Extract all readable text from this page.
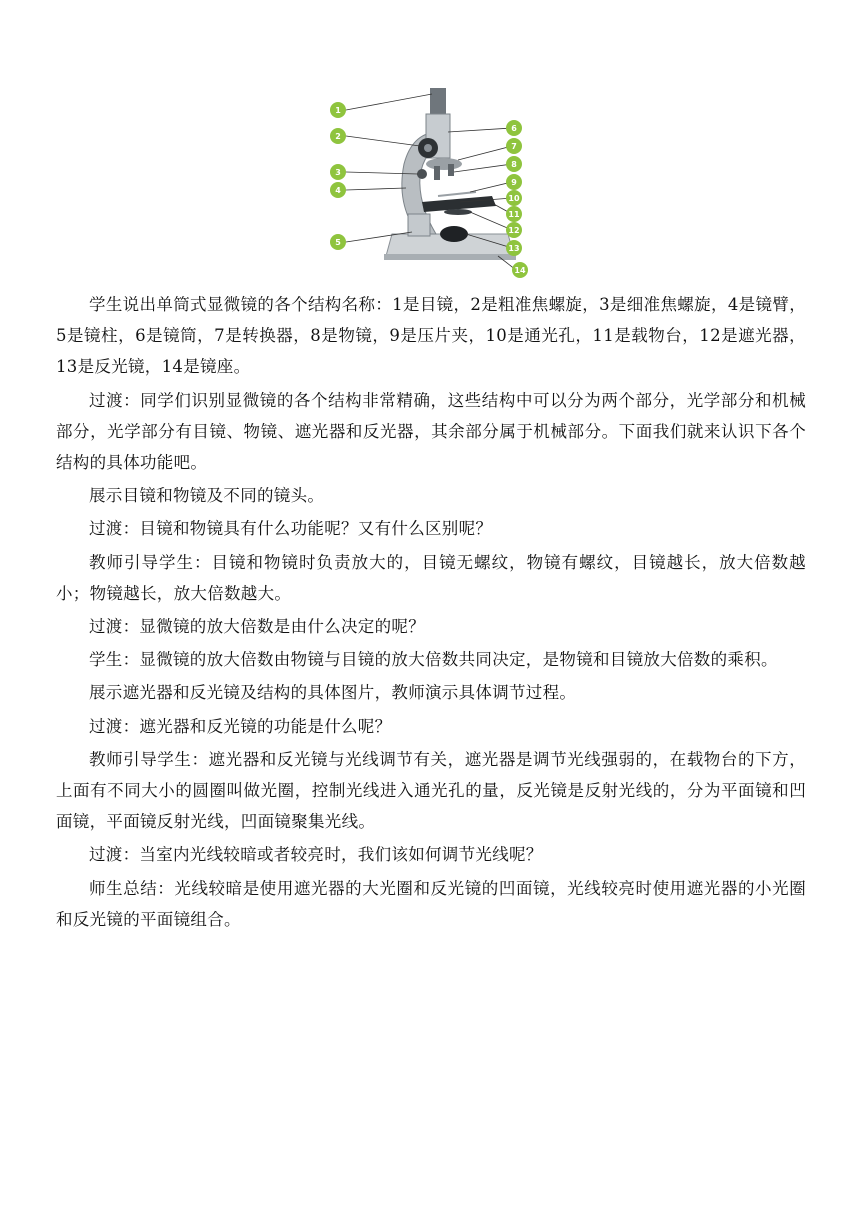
1
2
3
4
5
6
7
8
9
10
11
12
13
14

学生说出单筒式显微镜的各个结构名称：1是目镜，2是粗准焦螺旋，3是细准焦螺旋，4是镜臂，5是镜柱，6是镜筒，7是转换器，8是物镜，9是压片夹，10是通光孔，11是载物台，12是遮光器，13是反光镜，14是镜座。

过渡：同学们识别显微镜的各个结构非常精确，这些结构中可以分为两个部分，光学部分和机械部分，光学部分有目镜、物镜、遮光器和反光器，其余部分属于机械部分。下面我们就来认识下各个结构的具体功能吧。

展示目镜和物镜及不同的镜头。

过渡：目镜和物镜具有什么功能呢？又有什么区别呢？

教师引导学生：目镜和物镜时负责放大的，目镜无螺纹，物镜有螺纹，目镜越长，放大倍数越小；物镜越长，放大倍数越大。

过渡：显微镜的放大倍数是由什么决定的呢？

学生：显微镜的放大倍数由物镜与目镜的放大倍数共同决定，是物镜和目镜放大倍数的乘积。

展示遮光器和反光镜及结构的具体图片，教师演示具体调节过程。

过渡：遮光器和反光镜的功能是什么呢？

教师引导学生：遮光器和反光镜与光线调节有关，遮光器是调节光线强弱的，在载物台的下方，上面有不同大小的圆圈叫做光圈，控制光线进入通光孔的量，反光镜是反射光线的，分为平面镜和凹面镜，平面镜反射光线，凹面镜聚集光线。

过渡：当室内光线较暗或者较亮时，我们该如何调节光线呢？

师生总结：光线较暗是使用遮光器的大光圈和反光镜的凹面镜，光线较亮时使用遮光器的小光圈和反光镜的平面镜组合。
